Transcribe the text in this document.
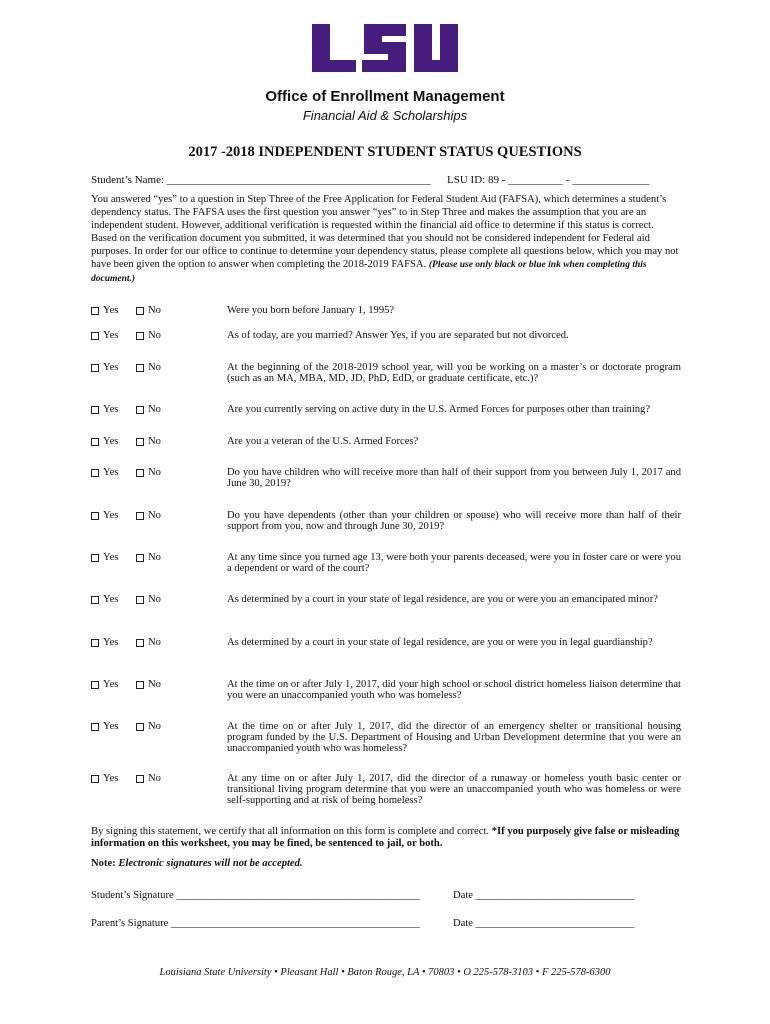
Office of Enrollment Management
Financial Aid & Scholarships
2017 -2018 INDEPENDENT STUDENT STATUS QUESTIONS
Student’s Name: ________________________________________________ LSU ID: 89 - __________ - ______________
You answered “yes” to a question in Step Three of the Free Application for Federal Student Aid (FAFSA), which determines a student’s dependency status. The FAFSA uses the first question you answer “yes” to in Step Three and makes the assumption that you are an independent student. However, additional verification is requested within the financial aid office to determine if this status is correct. Based on the verification document you submitted, it was determined that you should not be considered independent for Federal aid purposes. In order for our office to continue to determine your dependency status, please complete all questions below, which you may not have been given the option to answer when completing the 2018-2019 FAFSA. (Please use only black or blue ink when completing this document.)
Yes	No	Were you born before January 1, 1995?
Yes	No	As of today, are you married? Answer Yes, if you are separated but not divorced.
Yes	No	At the beginning of the 2018-2019 school year, will you be working on a master’s or doctorate program (such as an MA, MBA, MD, JD, PhD, EdD, or graduate certificate, etc.)?
Yes	No	Are you currently serving on active duty in the U.S. Armed Forces for purposes other than training?
Yes	No	Are you a veteran of the U.S. Armed Forces?
Yes	No	Do you have children who will receive more than half of their support from you between July 1, 2017 and June 30, 2019?
Yes	No	Do you have dependents (other than your children or spouse) who will receive more than half of their support from you, now and through June 30, 2019?
Yes	No	At any time since you turned age 13, were both your parents deceased, were you in foster care or were you a dependent or ward of the court?
Yes	No	As determined by a court in your state of legal residence, are you or were you an emancipated minor?
Yes	No	As determined by a court in your state of legal residence, are you or were you in legal guardianship?
Yes	No	At the time on or after July 1, 2017, did your high school or school district homeless liaison determine that you were an unaccompanied youth who was homeless?
Yes	No	At the time on or after July 1, 2017, did the director of an emergency shelter or transitional housing program funded by the U.S. Department of Housing and Urban Development determine that you were an unaccompanied youth who was homeless?
Yes	No	At any time on or after July 1, 2017, did the director of a runaway or homeless youth basic center or transitional living program determine that you were an unaccompanied youth who was homeless or were self-supporting and at risk of being homeless?
By signing this statement, we certify that all information on this form is complete and correct. *If you purposely give false or misleading information on this worksheet, you may be fined, be sentenced to jail, or both.
Note: Electronic signatures will not be accepted.
Student’s Signature ______________________________________________	Date ______________________________
Parent’s Signature _______________________________________________	Date ______________________________
Louisiana State University • Pleasant Hall • Baton Rouge, LA • 70803 • O 225-578-3103 • F 225-578-6300
